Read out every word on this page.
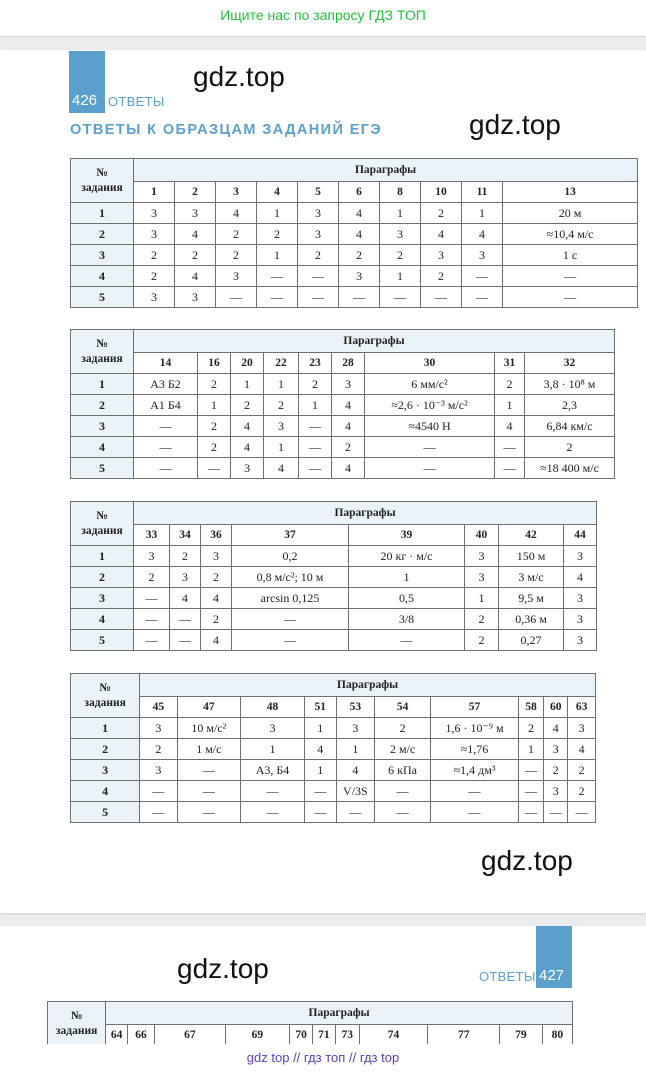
Ищите нас по запросу ГДЗ ТОП
426 ОТВЕТЫ
gdz.top
gdz.top
ОТВЕТЫ К ОБРАЗЦАМ ЗАДАНИЙ ЕГЭ
№
задания	Параграфы									
	1	2	3	4	5	6	8	10	11	13
1	3	3	4	1	3	4	1	2	1	20 м
2	3	4	2	2	3	4	3	4	4	≈10,4 м/с
3	2	2	2	1	2	2	2	3	3	1 с
4	2	4	3	—	—	3	1	2	—	—
5	3	3	—	—	—	—	—	—	—	—
№
задания	Параграфы								
	14	16	20	22	23	28	30	31	32
1	А3 Б2	2	1	1	2	3	6 мм/с²	2	3,8 · 10⁸ м
2	А1 Б4	1	2	2	1	4	≈2,6 · 10⁻³ м/с²	1	2,3
3	—	2	4	3	—	4	≈4540 Н	4	6,84 км/с
4	—	2	4	1	—	2	—	—	2
5	—	—	3	4	—	4	—	—	≈18 400 м/с
№
задания	Параграфы							
	33	34	36	37	39	40	42	44
1	3	2	3	0,2	20 кг · м/с	3	150 м	3
2	2	3	2	0,8 м/с²; 10 м	1	3	3 м/с	4
3	—	4	4	arcsin 0,125	0,5	1	9,5 м	3
4	—	—	2	—	3/8	2	0,36 м	3
5	—	—	4	—	—	2	0,27	3
№
задания	Параграфы									
	45	47	48	51	53	54	57	58	60	63
1	3	10 м/с²	3	1	3	2	1,6 · 10⁻⁹ м	2	4	3
2	2	1 м/с	1	4	1	2 м/с	≈1,76	1	3	4
3	3	—	А3, Б4	1	4	6 кПа	≈1,4 дм³	—	2	2
4	—	—	—	—	V/3S	—	—	—	3	2
5	—	—	—	—	—	—	—	—	—	—
gdz.top
gdz.top	ОТВЕТЫ 427
№
задания	Параграфы										
	64	66	67	69	70	71	73	74	77	79	80
gdz top // гдз топ // гдз top
